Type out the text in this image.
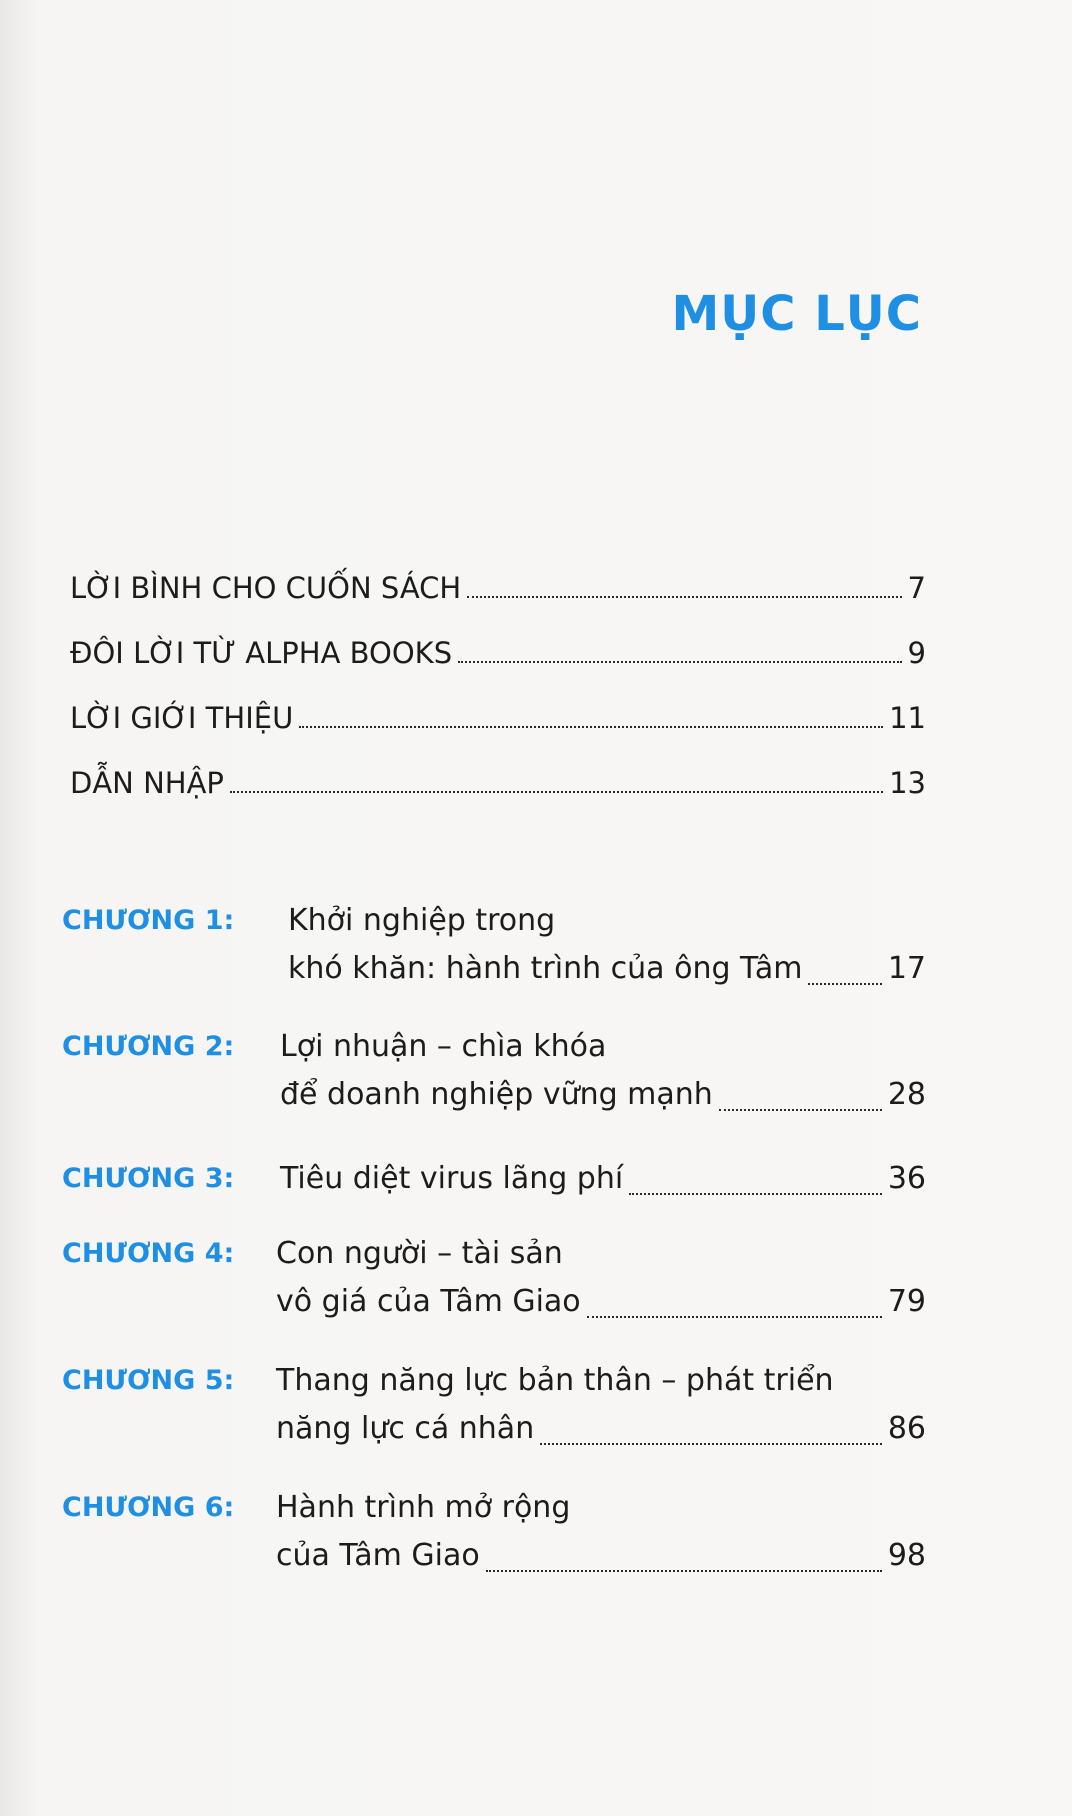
MỤC LỤC
LỜI BÌNH CHO CUỐN SÁCH	7
ĐÔI LỜI TỪ ALPHA BOOKS	9
LỜI GIỚI THIỆU	11
DẪN NHẬP	13
CHƯƠNG 1: Khởi nghiệp trong
khó khăn: hành trình của ông Tâm	17
CHƯƠNG 2: Lợi nhuận – chìa khóa
để doanh nghiệp vững mạnh	28
CHƯƠNG 3: Tiêu diệt virus lãng phí	36
CHƯƠNG 4: Con người – tài sản
vô giá của Tâm Giao	79
CHƯƠNG 5: Thang năng lực bản thân – phát triển
năng lực cá nhân	86
CHƯƠNG 6: Hành trình mở rộng
của Tâm Giao	98
